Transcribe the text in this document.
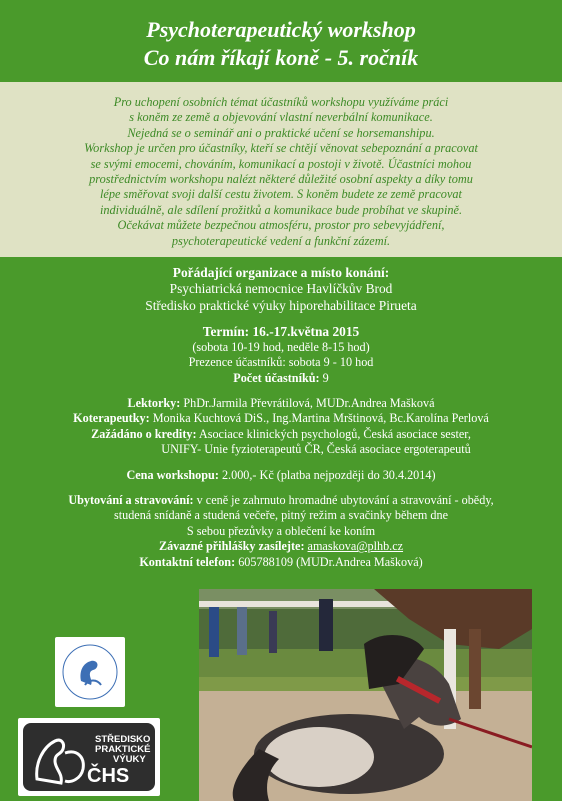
Psychoterapeutický workshop
Co nám říkají koně - 5. ročník
Pro uchopení osobních témat účastníků workshopu využíváme práci
s koněm ze země a objevování vlastní neverbální komunikace.
Nejedná se o seminář ani o praktické učení se horsemanshipu.
Workshop je určen pro účastníky, kteří se chtějí věnovat sebepoznání a pracovat
se svými emocemi, chováním, komunikací a postoji v životě. Účastníci mohou
prostřednictvím workshopu nalézt některé důležité osobní aspekty a díky tomu
lépe směřovat svoji další cestu životem. S koněm budete ze země pracovat
individuálně, ale sdílení prožitků a komunikace bude probíhat ve skupině.
Očekávat můžete bezpečnou atmosféru, prostor pro sebevyjádření,
psychoterapeutické vedení a funkční zázemí.
Pořádající organizace a místo konání:
Psychiatrická nemocnice Havlíčkův Brod
Středisko praktické výuky hiporehabilitace Pirueta
Termín: 16.-17.května 2015
(sobota 10-19 hod, neděle 8-15 hod)
Prezence účastníků: sobota 9 - 10 hod
Počet účastníků: 9
Lektorky: PhDr.Jarmila Převrátilová, MUDr.Andrea Mašková
Koterapeutky: Monika Kuchtová DiS., Ing.Martina Mrštinová, Bc.Karolína Perlová
Zažádáno o kredity: Asociace klinických psychologů, Česká asociace sester,
UNIFY- Unie fyzioterapeutů ČR, Česká asociace ergoterapeutů
Cena workshopu: 2.000,- Kč (platba nejpozději do 30.4.2014)
Ubytování a stravování: v ceně je zahrnuto hromadné ubytování a stravování - obědy,
studená snídaně a studená večeře, pitný režim a svačinky během dne
S sebou přezůvky a oblečení ke koním
Závazné přihlášky zasílejte: amaskova@plhb.cz
Kontaktní telefon: 605788109 (MUDr.Andrea Mašková)
STŘEDISKO
PRAKTICKÉ
VÝUKY
ČHS
